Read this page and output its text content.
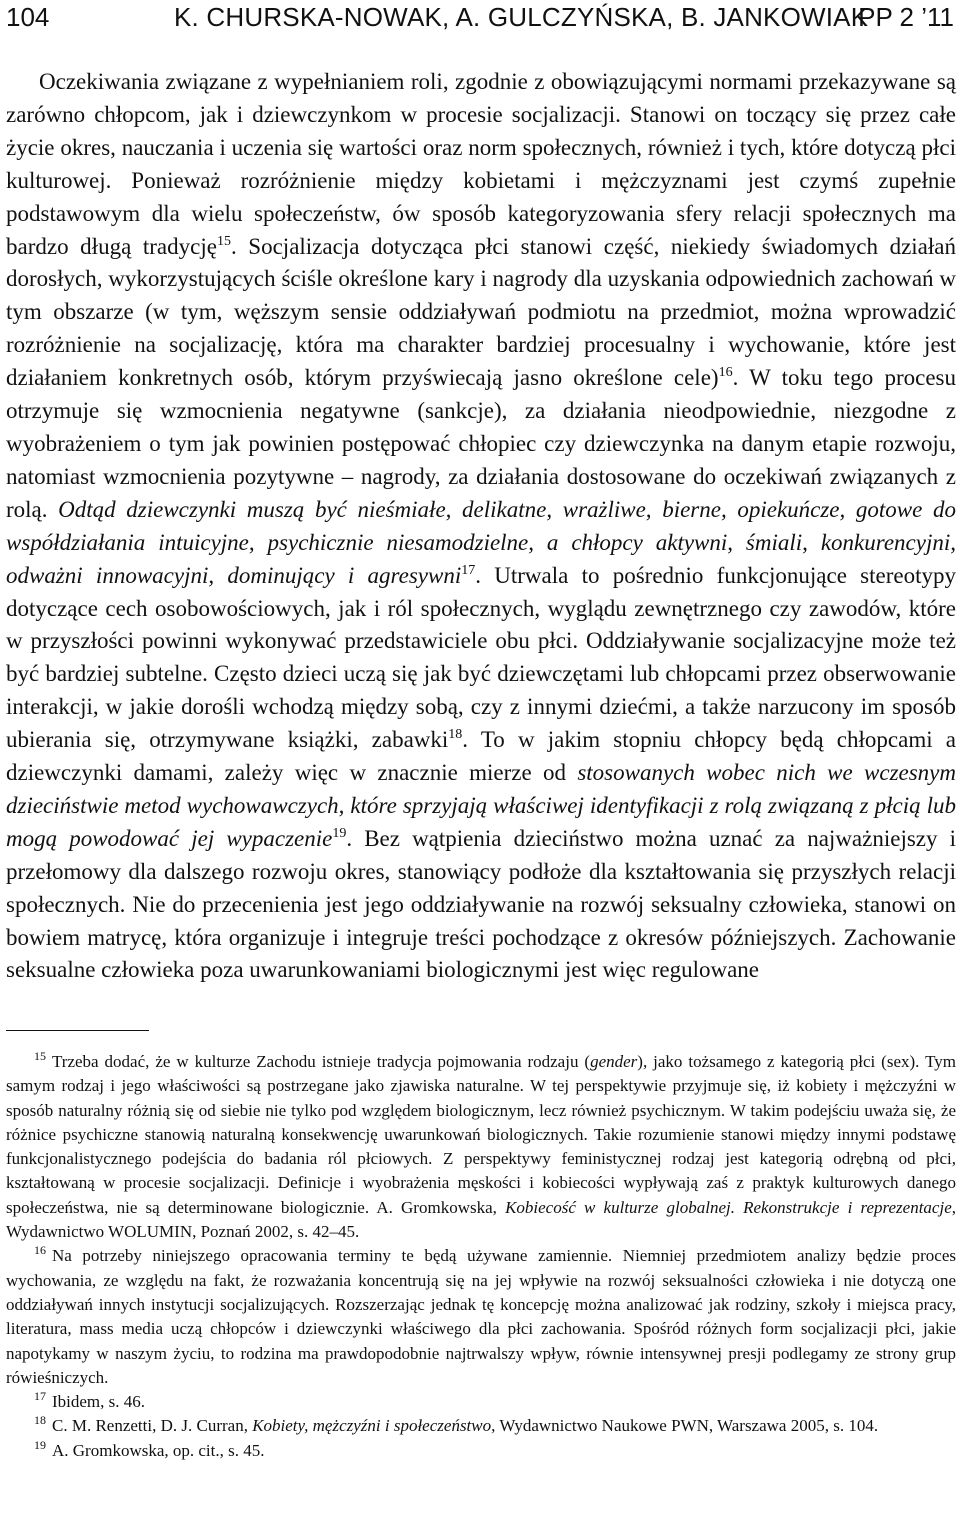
104	K. CHURSKA-NOWAK, A. GULCZYŃSKA, B. JANKOWIAK
PP 2 ’11

Oczekiwania związane z wypełnianiem roli, zgodnie z obowiązującymi normami przekazywane są zarówno chłopcom, jak i dziewczynkom w procesie socjalizacji. Stanowi on toczący się przez całe życie okres, nauczania i uczenia się wartości oraz norm społecznych, również i tych, które dotyczą płci kulturowej. Ponieważ rozróżnienie między kobietami i mężczyznami jest czymś zupełnie podstawowym dla wielu społeczeństw, ów sposób kategoryzowania sfery relacji społecznych ma bardzo długą tradycję$^{15}$. Socjalizacja dotycząca płci stanowi część, niekiedy świadomych działań dorosłych, wykorzystujących ściśle określone kary i nagrody dla uzyskania odpowiednich zachowań w tym obszarze (w tym, węższym sensie oddziaływań podmiotu na przedmiot, można wprowadzić rozróżnienie na socjalizację, która ma charakter bardziej procesualny i wychowanie, które jest działaniem konkretnych osób, którym przyświecają jasno określone cele)$^{16}$. W toku tego procesu otrzymuje się wzmocnienia negatywne (sankcje), za działania nieodpowiednie, niezgodne z wyobrażeniem o tym jak powinien postępować chłopiec czy dziewczynka na danym etapie rozwoju, natomiast wzmocnienia pozytywne – nagrody, za działania dostosowane do oczekiwań związanych z rolą. Odtąd dziewczynki muszą być nieśmiałe, delikatne, wrażliwe, bierne, opiekuńcze, gotowe do współdziałania intuicyjne, psychicznie niesamodzielne, a chłopcy aktywni, śmiali, konkurencyjni, odważni innowacyjni, dominujący i agresywni$^{17}$. Utrwala to pośrednio funkcjonujące stereotypy dotyczące cech osobowościowych, jak i ról społecznych, wyglądu zewnętrznego czy zawodów, które w przyszłości powinni wykonywać przedstawiciele obu płci. Oddziaływanie socjalizacyjne może też być bardziej subtelne. Często dzieci uczą się jak być dziewczętami lub chłopcami przez obserwowanie interakcji, w jakie dorośli wchodzą między sobą, czy z innymi dziećmi, a także narzucony im sposób ubierania się, otrzymywane książki, zabawki$^{18}$. To w jakim stopniu chłopcy będą chłopcami a dziewczynki damami, zależy więc w znacznie mierze od stosowanych wobec nich we wczesnym dzieciństwie metod wychowawczych, które sprzyjają właściwej identyfikacji z rolą związaną z płcią lub mogą powodować jej wypaczenie$^{19}$. Bez wątpienia dzieciństwo można uznać za najważniejszy i przełomowy dla dalszego rozwoju okres, stanowiący podłoże dla kształtowania się przyszłych relacji społecznych. Nie do przecenienia jest jego oddziaływanie na rozwój seksualny człowieka, stanowi on bowiem matrycę, która organizuje i integruje treści pochodzące z okresów późniejszych. Zachowanie seksualne człowieka poza uwarunkowaniami biologicznymi jest więc regulowane

$^{15}$ Trzeba dodać, że w kulturze Zachodu istnieje tradycja pojmowania rodzaju (gender), jako tożsamego z kategorią płci (sex). Tym samym rodzaj i jego właściwości są postrzegane jako zjawiska naturalne. W tej perspektywie przyjmuje się, iż kobiety i mężczyźni w sposób naturalny różnią się od siebie nie tylko pod względem biologicznym, lecz również psychicznym. W takim podejściu uważa się, że różnice psychiczne stanowią naturalną konsekwencję uwarunkowań biologicznych. Takie rozumienie stanowi między innymi podstawę funkcjonalistycznego podejścia do badania ról płciowych. Z perspektywy feministycznej rodzaj jest kategorią odrębną od płci, kształtowaną w procesie socjalizacji. Definicje i wyobrażenia męskości i kobiecości wypływają zaś z praktyk kulturowych danego społeczeństwa, nie są determinowane biologicznie. A. Gromkowska, Kobiecość w kulturze globalnej. Rekonstrukcje i reprezentacje, Wydawnictwo WOLUMIN, Poznań 2002, s. 42–45.

$^{16}$ Na potrzeby niniejszego opracowania terminy te będą używane zamiennie. Niemniej przedmiotem analizy będzie proces wychowania, ze względu na fakt, że rozważania koncentrują się na jej wpływie na rozwój seksualności człowieka i nie dotyczą one oddziaływań innych instytucji socjalizujących. Rozszerzając jednak tę koncepcję można analizować jak rodziny, szkoły i miejsca pracy, literatura, mass media uczą chłopców i dziewczynki właściwego dla płci zachowania. Spośród różnych form socjalizacji płci, jakie napotykamy w naszym życiu, to rodzina ma prawdopodobnie najtrwalszy wpływ, równie intensywnej presji podlegamy ze strony grup rówieśniczych.

$^{17}$ Ibidem, s. 46.

$^{18}$ C. M. Renzetti, D. J. Curran, Kobiety, mężczyźni i społeczeństwo, Wydawnictwo Naukowe PWN, Warszawa 2005, s. 104.

$^{19}$ A. Gromkowska, op. cit., s. 45.
